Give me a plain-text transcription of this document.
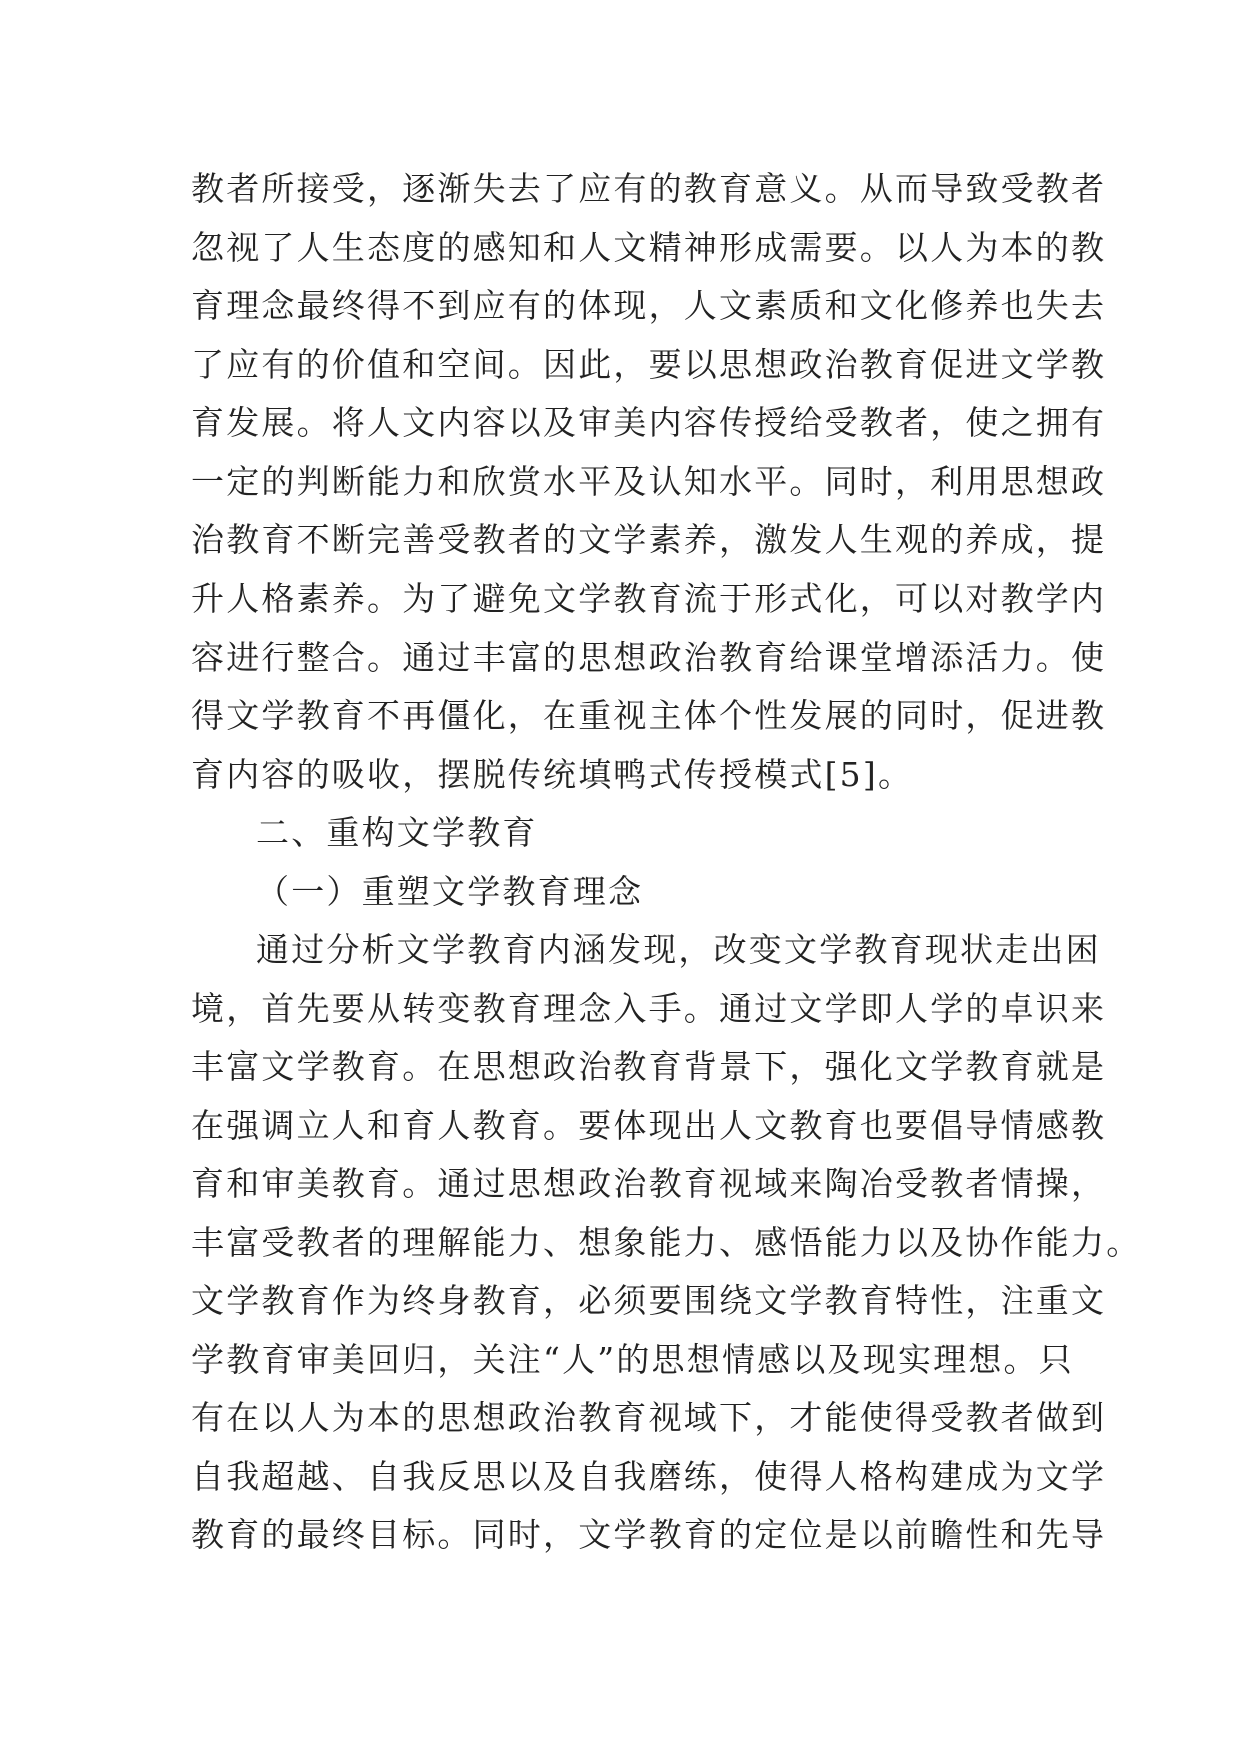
教者所接受，逐渐失去了应有的教育意义。从而导致受教者
忽视了人生态度的感知和人文精神形成需要。以人为本的教
育理念最终得不到应有的体现，人文素质和文化修养也失去
了应有的价值和空间。因此，要以思想政治教育促进文学教
育发展。将人文内容以及审美内容传授给受教者，使之拥有
一定的判断能力和欣赏水平及认知水平。同时，利用思想政
治教育不断完善受教者的文学素养，激发人生观的养成，提
升人格素养。为了避免文学教育流于形式化，可以对教学内
容进行整合。通过丰富的思想政治教育给课堂增添活力。使
得文学教育不再僵化，在重视主体个性发展的同时，促进教
育内容的吸收，摆脱传统填鸭式传授模式[5]。
二、重构文学教育
（一）重塑文学教育理念
通过分析文学教育内涵发现，改变文学教育现状走出困
境，首先要从转变教育理念入手。通过文学即人学的卓识来
丰富文学教育。在思想政治教育背景下，强化文学教育就是
在强调立人和育人教育。要体现出人文教育也要倡导情感教
育和审美教育。通过思想政治教育视域来陶冶受教者情操，
丰富受教者的理解能力、想象能力、感悟能力以及协作能力。
文学教育作为终身教育，必须要围绕文学教育特性，注重文
学教育审美回归，关注“人”的思想情感以及现实理想。只
有在以人为本的思想政治教育视域下，才能使得受教者做到
自我超越、自我反思以及自我磨练，使得人格构建成为文学
教育的最终目标。同时，文学教育的定位是以前瞻性和先导
